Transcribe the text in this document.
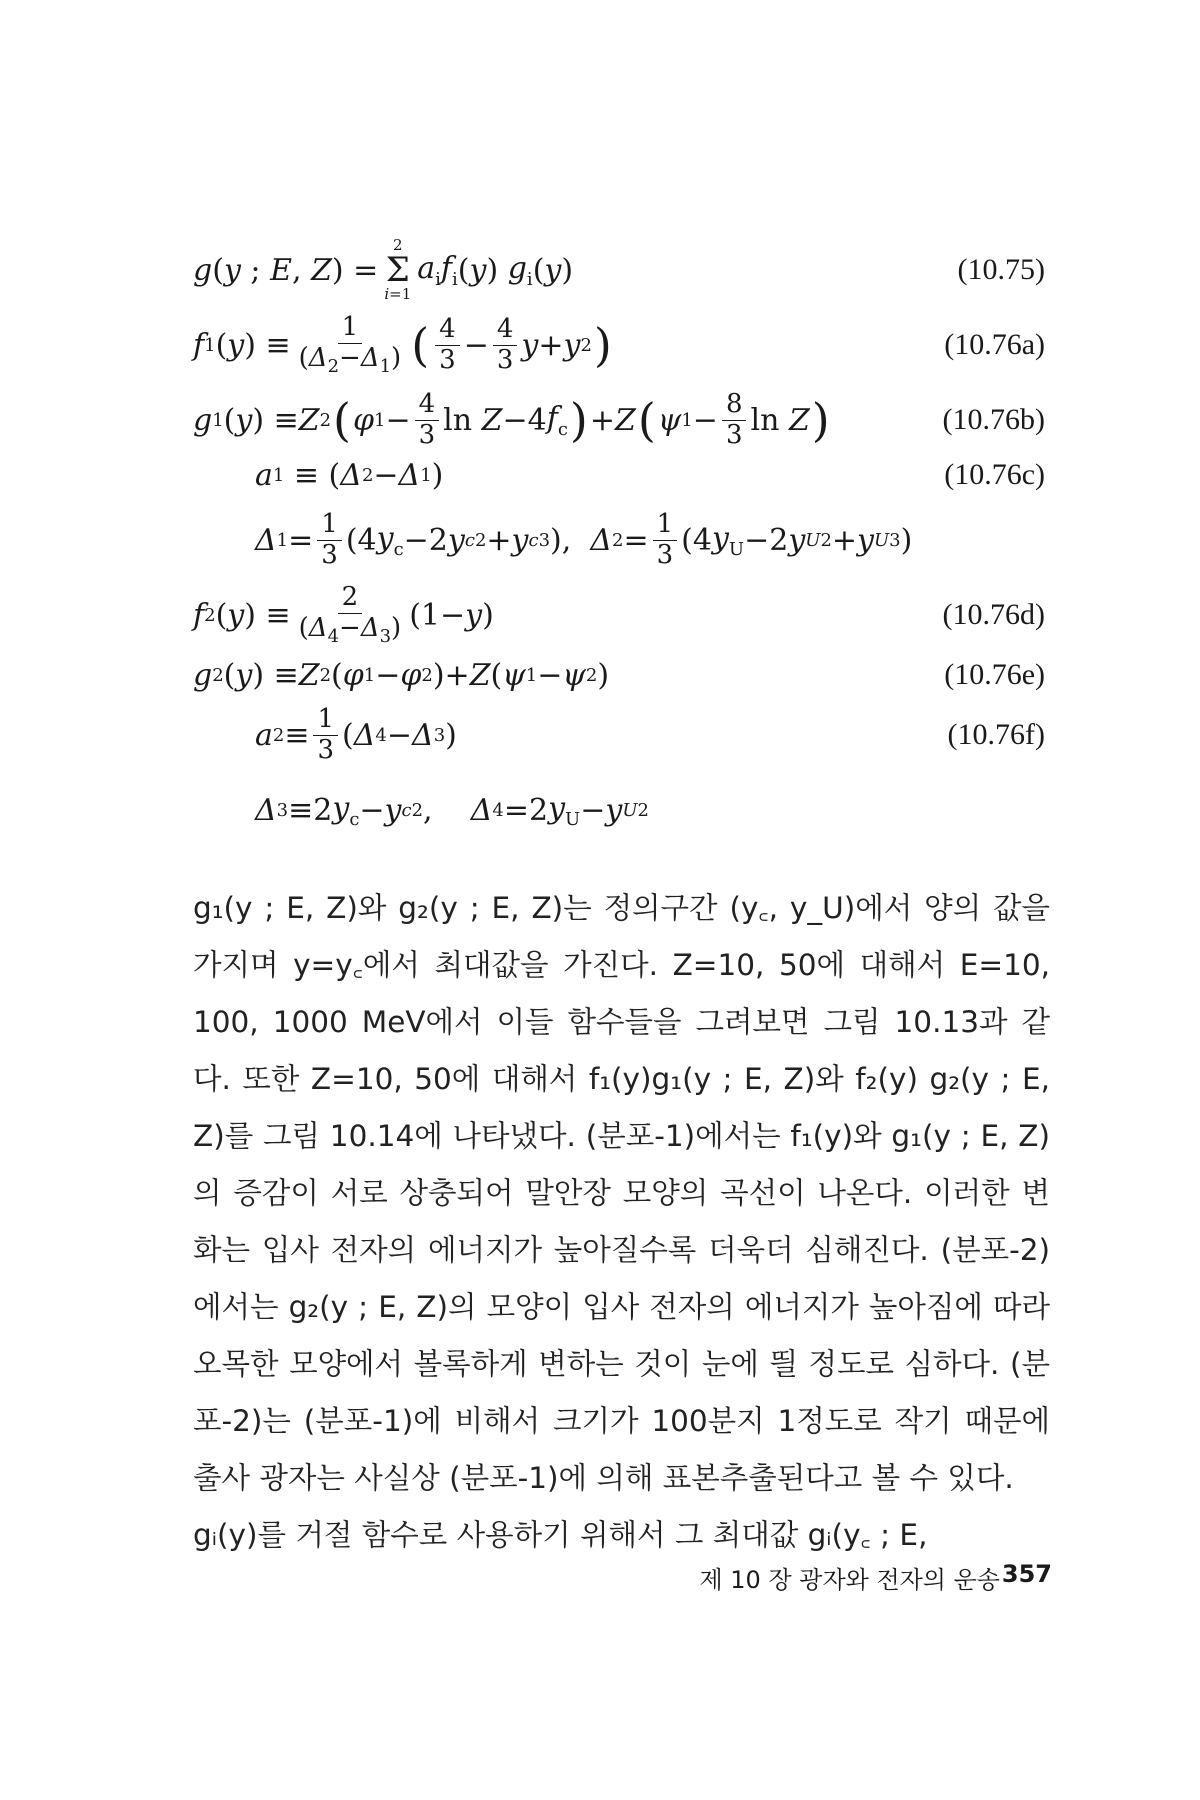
g ( y ; E , Z ) =
2
Σ
i=1
$a_if_i$ ( y ) $g_i$ ( y )	(10.75)
f 1 ( y ) ≡ $\frac{1}{(\Delta_2-\Delta_1)}$ ( $\frac{4}{3} - \frac{4}{3}$ y + y 2 )	(10.76a)
g 1 ( y ) ≡ Z 2 ( φ $1 - \frac{4}{3}$ ln Z −4 $f_c$ ) + Z ( ψ $1 - \frac{8}{3}$ ln Z )	(10.76b)
a 1 ≡ ( Δ 2 − Δ 1 )	(10.76c)
Δ $1 = \frac{1}{3} (4$ $y_c -2$ y c 2 + y c 3 ), Δ $2 = \frac{1}{3} (4$ $y_U -2$ y U 2 + y U 3 )
f 2 ( y ) ≡ $\frac{2}{(\Delta_4-\Delta_3)} (1- y$ )	(10.76d)
g 2 ( y ) ≡ Z 2 ( φ 1 − φ 2 )+ Z ( ψ 1 − ψ 2 )	(10.76e)
a $2 \equiv \frac{1}{3}$ ( Δ 4 − Δ 3 )	(10.76f)
Δ 3 ≡2 $y_c - y$ c 2 , Δ 4 =2 $y_U - y$ U 2

g₁(y ; E, Z)와 g₂(y ; E, Z)는 정의구간 (y꜀, y_U)에서 양의 값을 가지며 y=y꜀에서 최대값을 가진다. Z=10, 50에 대해서 E=10, 100, 1000 MeV에서 이들 함수들을 그려보면 그림 10.13과 같다. 또한 Z=10, 50에 대해서 f₁(y)g₁(y ; E, Z)와 f₂(y) g₂(y ; E, Z)를 그림 10.14에 나타냈다. (분포-1)에서는 f₁(y)와 g₁(y ; E, Z)의 증감이 서로 상충되어 말안장 모양의 곡선이 나온다. 이러한 변화는 입사 전자의 에너지가 높아질수록 더욱더 심해진다. (분포-2)에서는 g₂(y ; E, Z)의 모양이 입사 전자의 에너지가 높아짐에 따라 오목한 모양에서 볼록하게 변하는 것이 눈에 띌 정도로 심하다. (분포-2)는 (분포-1)에 비해서 크기가 100분지 1정도로 작기 때문에 출사 광자는 사실상 (분포-1)에 의해 표본추출된다고 볼 수 있다.

gᵢ(y)를 거절 함수로 사용하기 위해서 그 최대값 gᵢ(y꜀ ; E,

제 10 장 광자와 전자의 운송 357
